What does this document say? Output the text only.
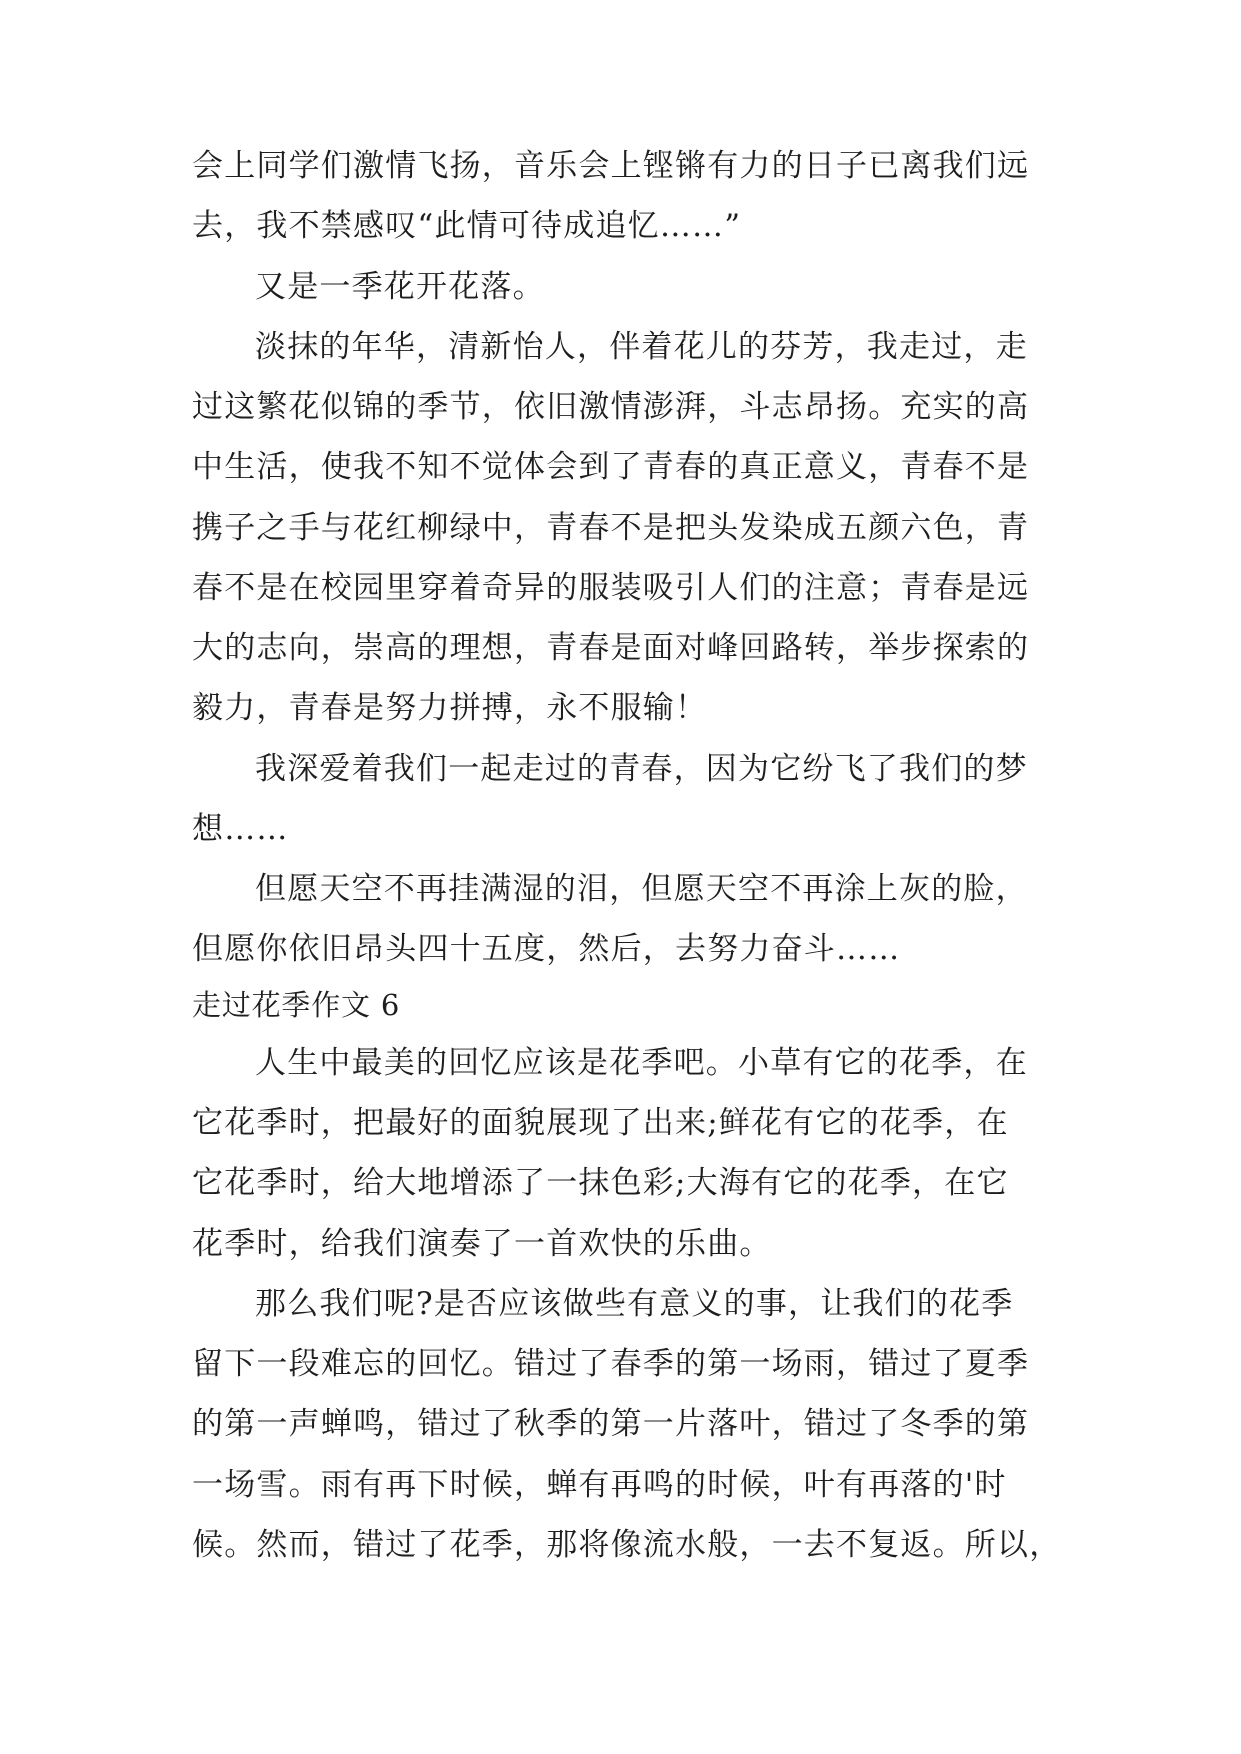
会上同学们激情飞扬，音乐会上铿锵有力的日子已离我们远
去，我不禁感叹“此情可待成追忆……”
又是一季花开花落。
淡抹的年华，清新怡人，伴着花儿的芬芳，我走过，走
过这繁花似锦的季节，依旧激情澎湃，斗志昂扬。充实的高
中生活，使我不知不觉体会到了青春的真正意义，青春不是
携子之手与花红柳绿中，青春不是把头发染成五颜六色，青
春不是在校园里穿着奇异的服装吸引人们的注意；青春是远
大的志向，崇高的理想，青春是面对峰回路转，举步探索的
毅力，青春是努力拼搏，永不服输！
我深爱着我们一起走过的青春，因为它纷飞了我们的梦
想……
但愿天空不再挂满湿的泪，但愿天空不再涂上灰的脸，
但愿你依旧昂头四十五度，然后，去努力奋斗……
走过花季作文 6
人生中最美的回忆应该是花季吧。小草有它的花季，在
它花季时，把最好的面貌展现了出来;鲜花有它的花季，在
它花季时，给大地增添了一抹色彩;大海有它的花季，在它
花季时，给我们演奏了一首欢快的乐曲。
那么我们呢?是否应该做些有意义的事，让我们的花季
留下一段难忘的回忆。错过了春季的第一场雨，错过了夏季
的第一声蝉鸣，错过了秋季的第一片落叶，错过了冬季的第
一场雪。雨有再下时候，蝉有再鸣的时候，叶有再落的'时
候。然而，错过了花季，那将像流水般，一去不复返。所以，
